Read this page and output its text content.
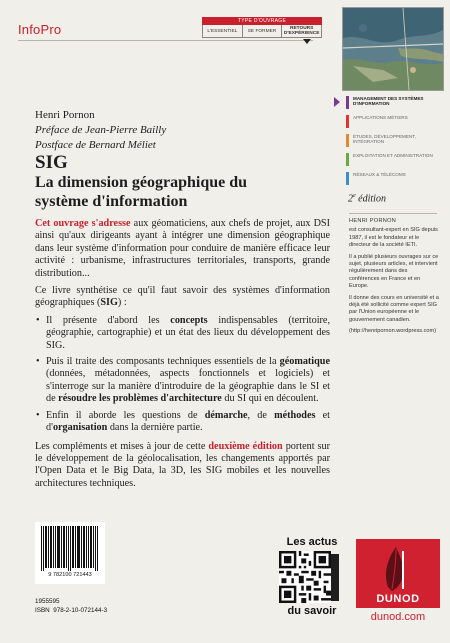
InfoPro
TYPE D'OUVRAGE
L'ESSENTIEL	SE FORMER	RETOURS D'EXPÉRIENCE
MANAGEMENT DES SYSTÈMES D'INFORMATION
APPLICATIONS MÉTIERS
ÉTUDES, DÉVELOPPEMENT, INTÉGRATION
EXPLOITATION ET ADMINISTRATION
RÉSEAUX & TÉLÉCOMS
Henri Pornon
Préface de Jean-Pierre Bailly
Postface de Bernard Méliet
SIG
La dimension géographique du système d'information	2e édition

Cet ouvrage s'adresse aux géomaticiens, aux chefs de projet, aux DSI ainsi qu'aux dirigeants ayant à intégrer une dimension géographique dans leur système d'information pour conduire de manière efficace leur activité : urbanisme, infrastructures territoriales, transports, grande distribution...

Ce livre synthétise ce qu'il faut savoir des systèmes d'information géographiques (SIG) :

• Il présente d'abord les concepts indispensables (territoire, géographie, cartographie) et un état des lieux du développement des SIG.
• Puis il traite des composants techniques essentiels de la géomatique (données, métadonnées, aspects fonctionnels et logiciels) et s'interroge sur la manière d'introduire de la géographie dans le SI et de résoudre les problèmes d'architecture du SI qui en découlent.
• Enfin il aborde les questions de démarche, de méthodes et d'organisation dans la dernière partie.

Les compléments et mises à jour de cette deuxième édition portent sur le développement de la géolocalisation, les changements apportés par l'Open Data et le Big Data, la 3D, les SIG mobiles et les nouvelles architectures techniques.

HENRI PORNON
est consultant-expert en SIG depuis 1987, il est le fondateur et le directeur de la société IETI.
Il a publié plusieurs ouvrages sur ce sujet, plusieurs articles, et intervient régulièrement dans des conférences en France et en Europe.
Il donne des cours en université et a déjà été sollicité comme expert SIG par l'Union européenne et le gouvernement canadien.
(http://henripornon.wordpress.com)
9 782100 721443
1955595
ISBN 978-2-10-072144-3
Les actus
du savoir
DUNOD
dunod.com
